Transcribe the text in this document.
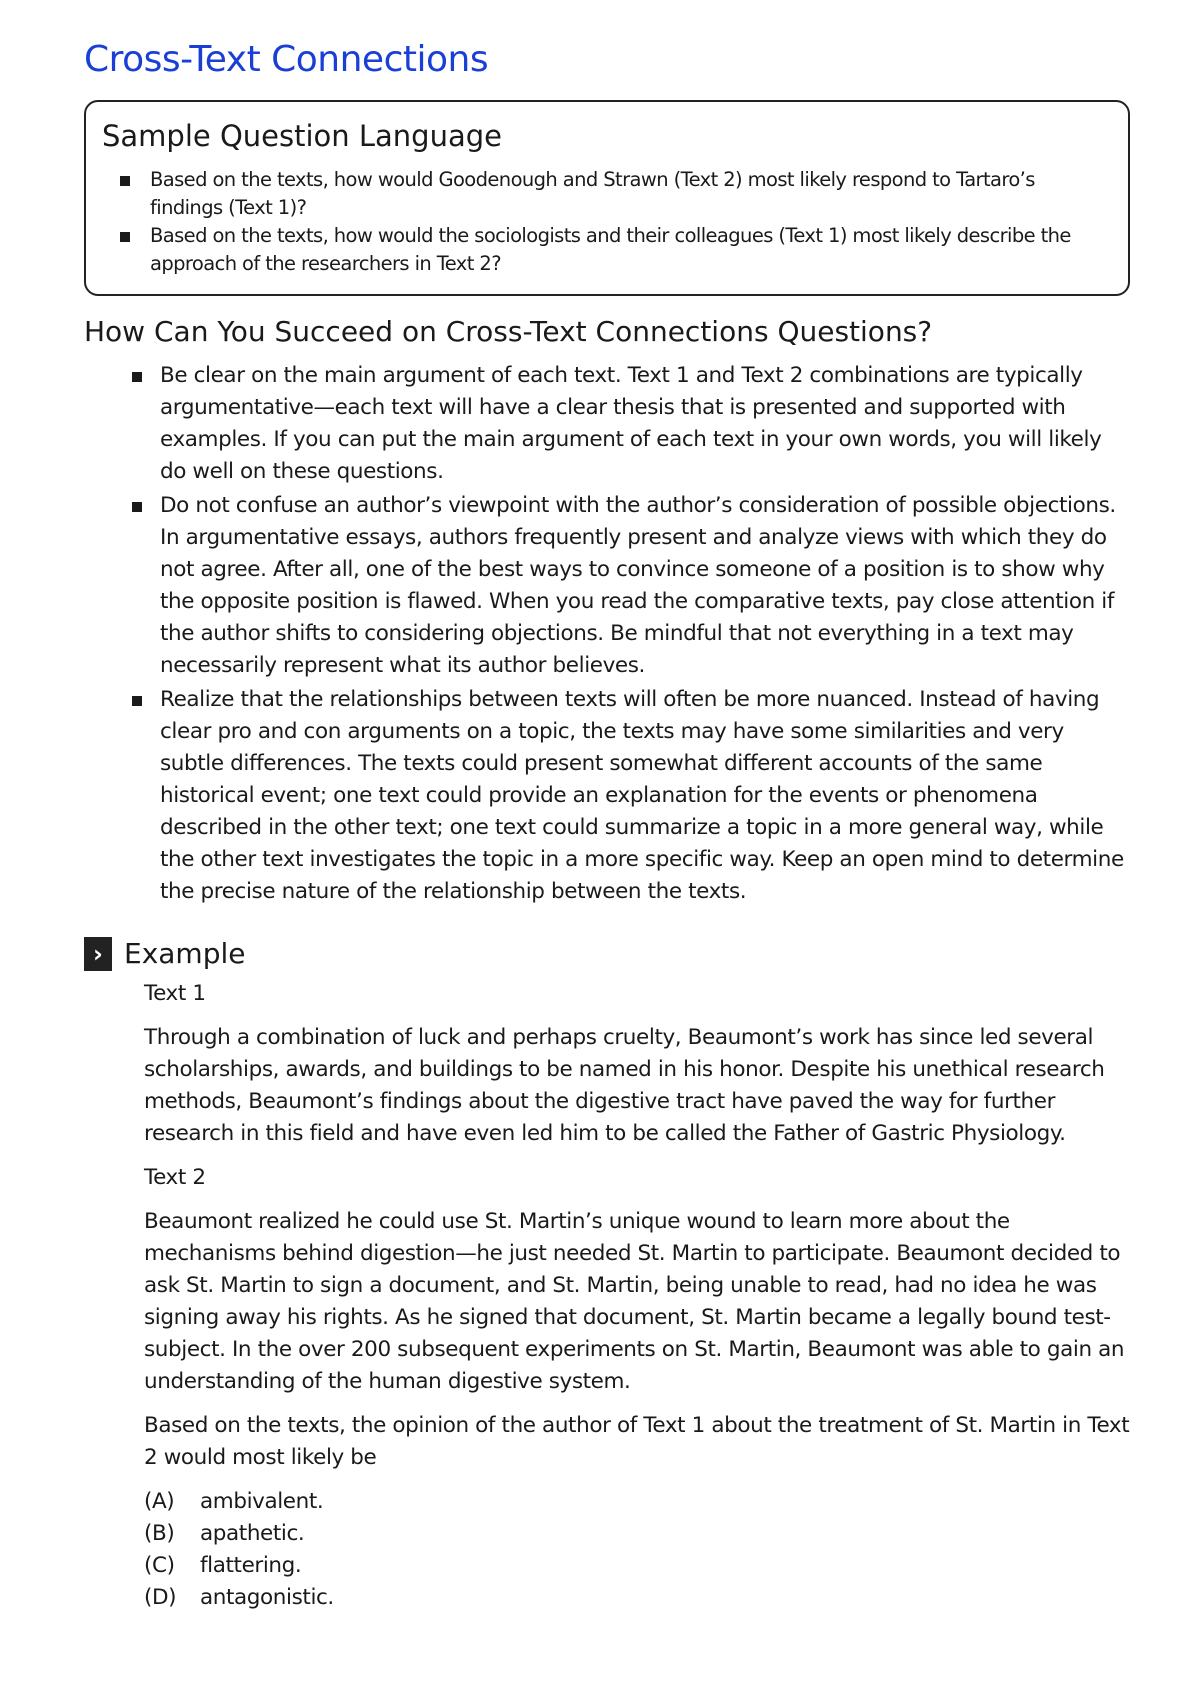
Cross-Text Connections
Sample Question Language
Based on the texts, how would Goodenough and Strawn (Text 2) most likely respond to Tartaro’s findings (Text 1)?
Based on the texts, how would the sociologists and their colleagues (Text 1) most likely describe the approach of the researchers in Text 2?
How Can You Succeed on Cross-Text Connections Questions?
Be clear on the main argument of each text. Text 1 and Text 2 combinations are typically argumentative—each text will have a clear thesis that is presented and supported with examples. If you can put the main argument of each text in your own words, you will likely do well on these questions.
Do not confuse an author’s viewpoint with the author’s consideration of possible objections. In argumentative essays, authors frequently present and analyze views with which they do not agree. After all, one of the best ways to convince someone of a position is to show why the opposite position is flawed. When you read the comparative texts, pay close attention if the author shifts to considering objections. Be mindful that not everything in a text may necessarily represent what its author believes.
Realize that the relationships between texts will often be more nuanced. Instead of having clear pro and con arguments on a topic, the texts may have some similarities and very subtle differences. The texts could present somewhat different accounts of the same historical event; one text could provide an explanation for the events or phenomena described in the other text; one text could summarize a topic in a more general way, while the other text investigates the topic in a more specific way. Keep an open mind to determine the precise nature of the relationship between the texts.
› Example

Text 1

Through a combination of luck and perhaps cruelty, Beaumont’s work has since led several scholarships, awards, and buildings to be named in his honor. Despite his unethical research methods, Beaumont’s findings about the digestive tract have paved the way for further research in this field and have even led him to be called the Father of Gastric Physiology.

Text 2

Beaumont realized he could use St. Martin’s unique wound to learn more about the mechanisms behind digestion—he just needed St. Martin to participate. Beaumont decided to ask St. Martin to sign a document, and St. Martin, being unable to read, had no idea he was signing away his rights. As he signed that document, St. Martin became a legally bound test-subject. In the over 200 subsequent experiments on St. Martin, Beaumont was able to gain an understanding of the human digestive system.

Based on the texts, the opinion of the author of Text 1 about the treatment of St. Martin in Text 2 would most likely be

(A)	ambivalent.
(B)	apathetic.
(C)	flattering.
(D)	antagonistic.
